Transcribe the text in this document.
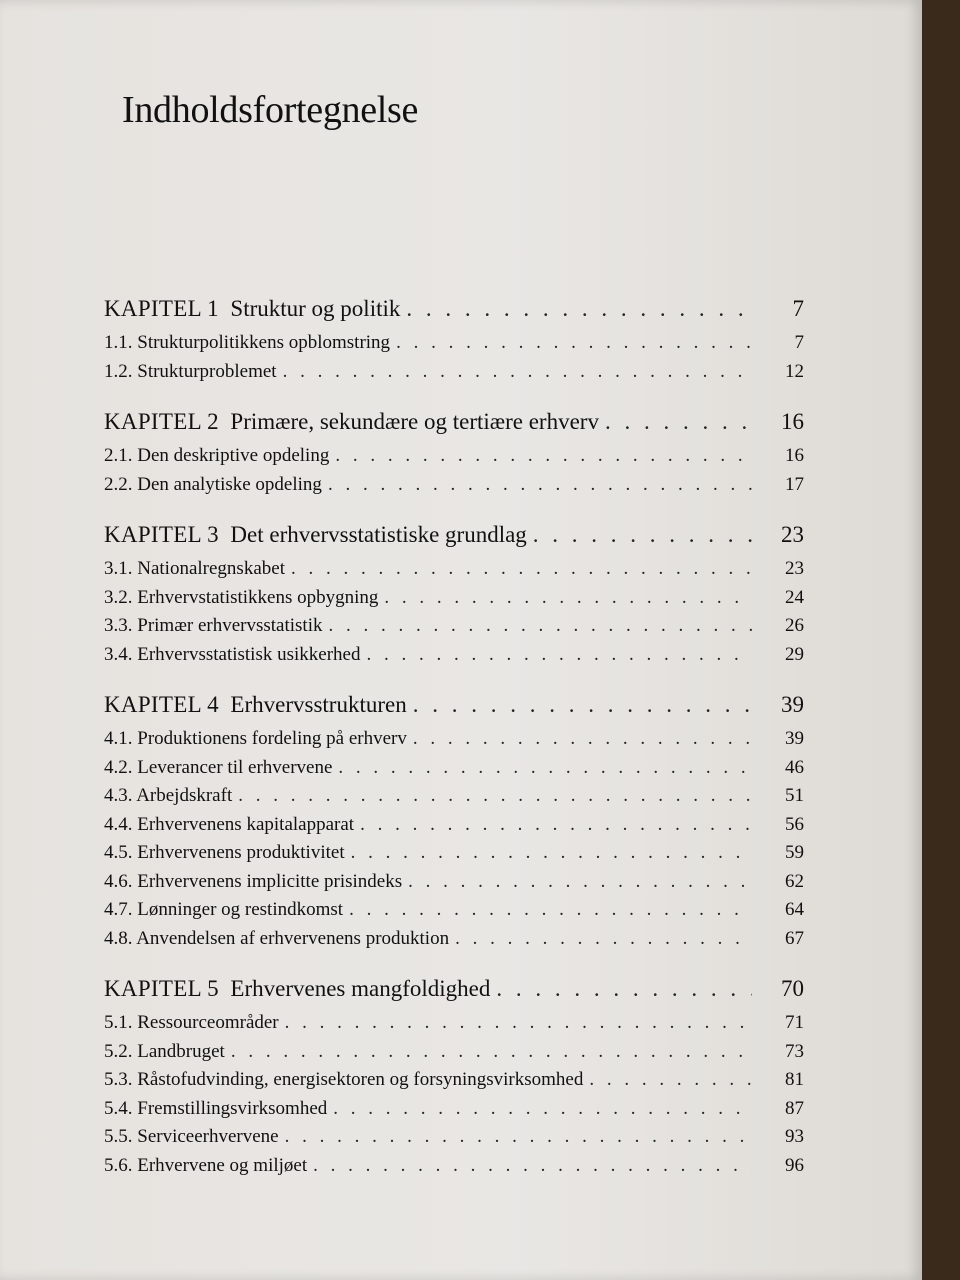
Indholdsfortegnelse
KAPITEL 1 Struktur og politik . . .	7
1.1. Strukturpolitikkens opblomstring . . .	7
1.2. Strukturproblemet . . .	12
KAPITEL 2 Primære, sekundære og tertiære erhverv . . .	16
2.1. Den deskriptive opdeling . . .	16
2.2. Den analytiske opdeling . . .	17
KAPITEL 3 Det erhvervsstatistiske grundlag . . .	23
3.1. Nationalregnskabet . . .	23
3.2. Erhvervstatistikkens opbygning . . .	24
3.3. Primær erhvervsstatistik . . .	26
3.4. Erhvervsstatistisk usikkerhed . . .	29
KAPITEL 4 Erhvervsstrukturen . . .	39
4.1. Produktionens fordeling på erhverv . . .	39
4.2. Leverancer til erhvervene . . .	46
4.3. Arbejdskraft . . .	51
4.4. Erhvervenens kapitalapparat . . .	56
4.5. Erhvervenens produktivitet . . .	59
4.6. Erhvervenens implicitte prisindeks . . .	62
4.7. Lønninger og restindkomst . . .	64
4.8. Anvendelsen af erhvervenens produktion . . .	67
KAPITEL 5 Erhvervenes mangfoldighed . . .	70
5.1. Ressourceområder . . .	71
5.2. Landbruget . . .	73
5.3. Råstofudvinding, energisektoren og forsyningsvirksomhed . . .	81
5.4. Fremstillingsvirksomhed . . .	87
5.5. Serviceerhvervene . . .	93
5.6. Erhvervene og miljøet . . .	96
